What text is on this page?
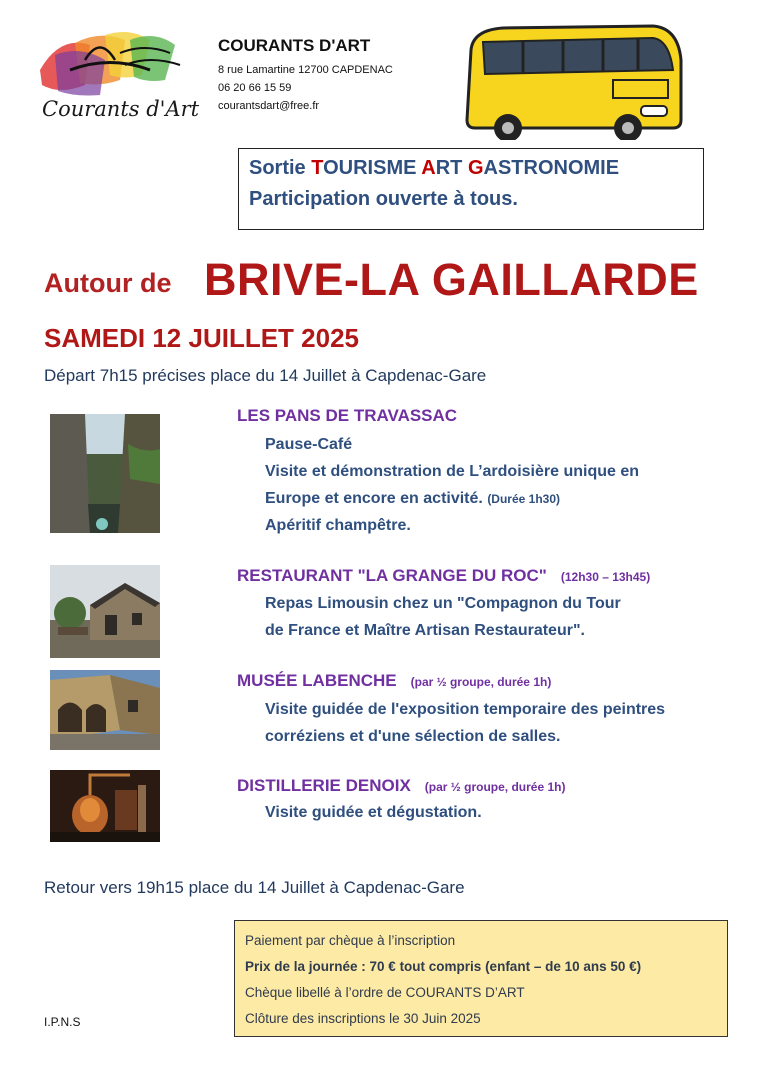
Courants d'Art
COURANTS D'ART
8 rue Lamartine 12700 CAPDENAC
06 20 66 15 59
courantsdart@free.fr
Sortie TOURISME ART GASTRONOMIE
Participation ouverte à tous.
Autour de BRIVE-LA GAILLARDE
SAMEDI 12 JUILLET 2025
Départ 7h15 précises place du 14 Juillet à Capdenac-Gare
LES PANS DE TRAVASSAC
Pause-Café
Visite et démonstration de L’ardoisière unique en
Europe et encore en activité. (Durée 1h30)
Apéritif champêtre.
RESTAURANT "LA GRANGE DU ROC" (12h30 – 13h45)
Repas Limousin chez un "Compagnon du Tour
de France et Maître Artisan Restaurateur".
MUSÉE LABENCHE (par ½ groupe, durée 1h)
Visite guidée de l'exposition temporaire des peintres
corréziens et d'une sélection de salles.
DISTILLERIE DENOIX (par ½ groupe, durée 1h)
Visite guidée et dégustation.
Retour vers 19h15 place du 14 Juillet à Capdenac-Gare
Paiement par chèque à l’inscription
Prix de la journée : 70 € tout compris (enfant – de 10 ans 50 €)
Chèque libellé à l’ordre de COURANTS D’ART
Clôture des inscriptions le 30 Juin 2025
I.P.N.S
